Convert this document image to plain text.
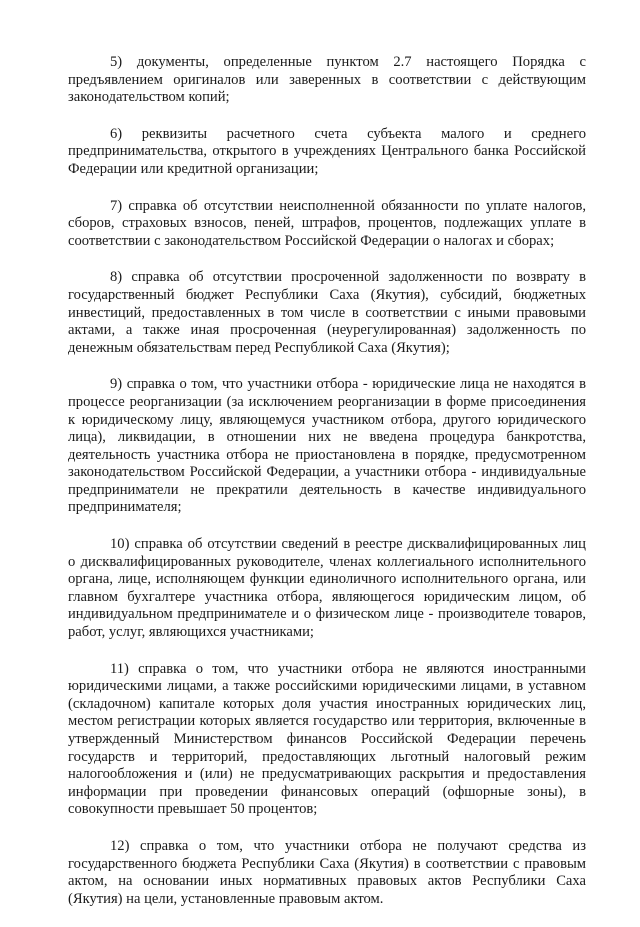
5) документы, определенные пунктом 2.7 настоящего Порядка с предъявлением оригиналов или заверенных в соответствии с действующим законодательством копий;

6) реквизиты расчетного счета субъекта малого и среднего предпринимательства, открытого в учреждениях Центрального банка Российской Федерации или кредитной организации;

7) справка об отсутствии неисполненной обязанности по уплате налогов, сборов, страховых взносов, пеней, штрафов, процентов, подлежащих уплате в соответствии с законодательством Российской Федерации о налогах и сборах;

8) справка об отсутствии просроченной задолженности по возврату в государственный бюджет Республики Саха (Якутия), субсидий, бюджетных инвестиций, предоставленных в том числе в соответствии с иными правовыми актами, а также иная просроченная (неурегулированная) задолженность по денежным обязательствам перед Республикой Саха (Якутия);

9) справка о том, что участники отбора - юридические лица не находятся в процессе реорганизации (за исключением реорганизации в форме присоединения к юридическому лицу, являющемуся участником отбора, другого юридического лица), ликвидации, в отношении них не введена процедура банкротства, деятельность участника отбора не приостановлена в порядке, предусмотренном законодательством Российской Федерации, а участники отбора - индивидуальные предприниматели не прекратили деятельность в качестве индивидуального предпринимателя;

10) справка об отсутствии сведений в реестре дисквалифицированных лиц о дисквалифицированных руководителе, членах коллегиального исполнительного органа, лице, исполняющем функции единоличного исполнительного органа, или главном бухгалтере участника отбора, являющегося юридическим лицом, об индивидуальном предпринимателе и о физическом лице - производителе товаров, работ, услуг, являющихся участниками;

11) справка о том, что участники отбора не являются иностранными юридическими лицами, а также российскими юридическими лицами, в уставном (складочном) капитале которых доля участия иностранных юридических лиц, местом регистрации которых является государство или территория, включенные в утвержденный Министерством финансов Российской Федерации перечень государств и территорий, предоставляющих льготный налоговый режим налогообложения и (или) не предусматривающих раскрытия и предоставления информации при проведении финансовых операций (офшорные зоны), в совокупности превышает 50 процентов;

12) справка о том, что участники отбора не получают средства из государственного бюджета Республики Саха (Якутия) в соответствии с правовым актом, на основании иных нормативных правовых актов Республики Саха (Якутия) на цели, установленные правовым актом.
